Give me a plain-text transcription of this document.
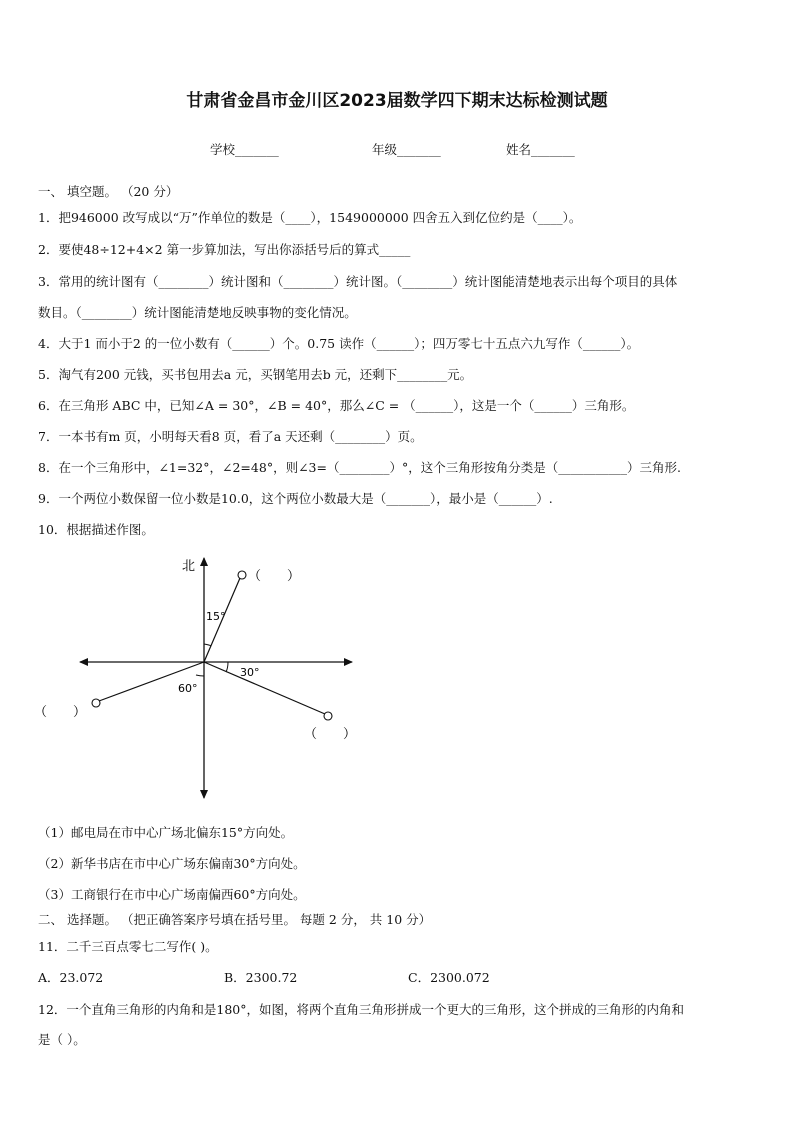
甘肃省金昌市金川区2023届数学四下期末达标检测试题
学校_______	年级_______	姓名_______
一、 填空题。 （20 分）
1．把946000 改写成以“万”作单位的数是（____），1549000000 四舍五入到亿位约是（____）。
2．要使48÷12+4×2 第一步算加法，写出你添括号后的算式_____
3．常用的统计图有（________）统计图和（________）统计图。（________）统计图能清楚地表示出每个项目的具体
数目。（________）统计图能清楚地反映事物的变化情况。
4．大于1 而小于2 的一位小数有（______）个。0.75 读作（______）；四万零七十五点六九写作（______）。
5．淘气有200 元钱，买书包用去a 元，买钢笔用去b 元，还剩下________元。
6．在三角形 ABC 中，已知∠A = 30°，∠B = 40°，那么∠C = （______），这是一个（______）三角形。
7．一本书有m 页，小明每天看8 页，看了a 天还剩（________）页。
8．在一个三角形中，∠1=32°，∠2=48°，则∠3=（________）°，这个三角形按角分类是（___________）三角形.
9．一个两位小数保留一位小数是10.0，这个两位小数最大是（_______），最小是（______）.
10．根据描述作图。
北
15°
30°
60°
（　　）
（　　）
（　　）
（1）邮电局在市中心广场北偏东15°方向处。
（2）新华书店在市中心广场东偏南30°方向处。
（3）工商银行在市中心广场南偏西60°方向处。
二、 选择题。 （把正确答案序号填在括号里。 每题 2 分， 共 10 分）
11．二千三百点零七二写作( )。
A．23.072	B．2300.72	C．2300.072
12．一个直角三角形的内角和是180°，如图，将两个直角三角形拼成一个更大的三角形，这个拼成的三角形的内角和
是（ ）。
